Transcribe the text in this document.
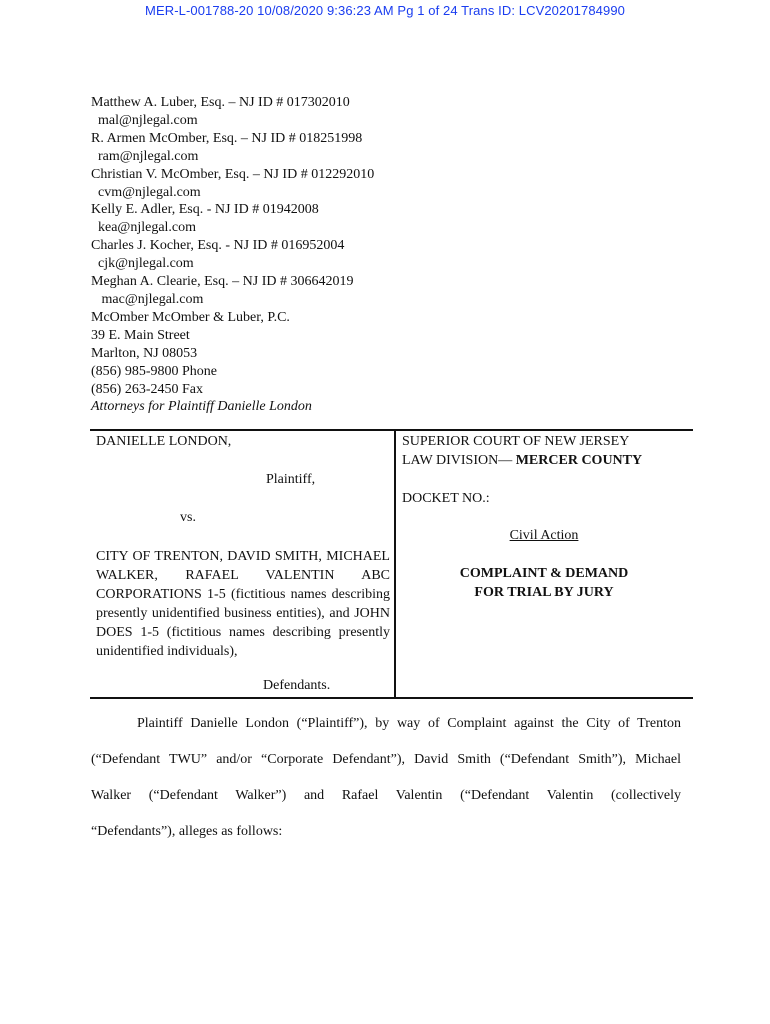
MER-L-001788-20 10/08/2020 9:36:23 AM Pg 1 of 24 Trans ID: LCV20201784990
Matthew A. Luber, Esq. – NJ ID # 017302010
mal@njlegal.com
R. Armen McOmber, Esq. – NJ ID # 018251998
ram@njlegal.com
Christian V. McOmber, Esq. – NJ ID # 012292010
cvm@njlegal.com
Kelly E. Adler, Esq. - NJ ID # 01942008
kea@njlegal.com
Charles J. Kocher, Esq. - NJ ID # 016952004
cjk@njlegal.com
Meghan A. Clearie, Esq. – NJ ID # 306642019
mac@njlegal.com
McOmber McOmber & Luber, P.C.
39 E. Main Street
Marlton, NJ 08053
(856) 985-9800 Phone
(856) 263-2450 Fax
Attorneys for Plaintiff Danielle London
DANIELLE LONDON,
Plaintiff,
vs.
CITY OF TRENTON, DAVID SMITH, MICHAEL WALKER, RAFAEL VALENTIN ABC CORPORATIONS 1-5 (fictitious names describing presently unidentified business entities), and JOHN DOES 1-5 (fictitious names describing presently unidentified individuals),
Defendants.
SUPERIOR COURT OF NEW JERSEY
LAW DIVISION— MERCER COUNTY
DOCKET NO.:
Civil Action
COMPLAINT & DEMAND
FOR TRIAL BY JURY
Plaintiff Danielle London (“Plaintiff”), by way of Complaint against the City of Trenton
(“Defendant TWU” and/or “Corporate Defendant”), David Smith (“Defendant Smith”), Michael
Walker (“Defendant Walker”) and Rafael Valentin (“Defendant Valentin (collectively
“Defendants”), alleges as follows:
